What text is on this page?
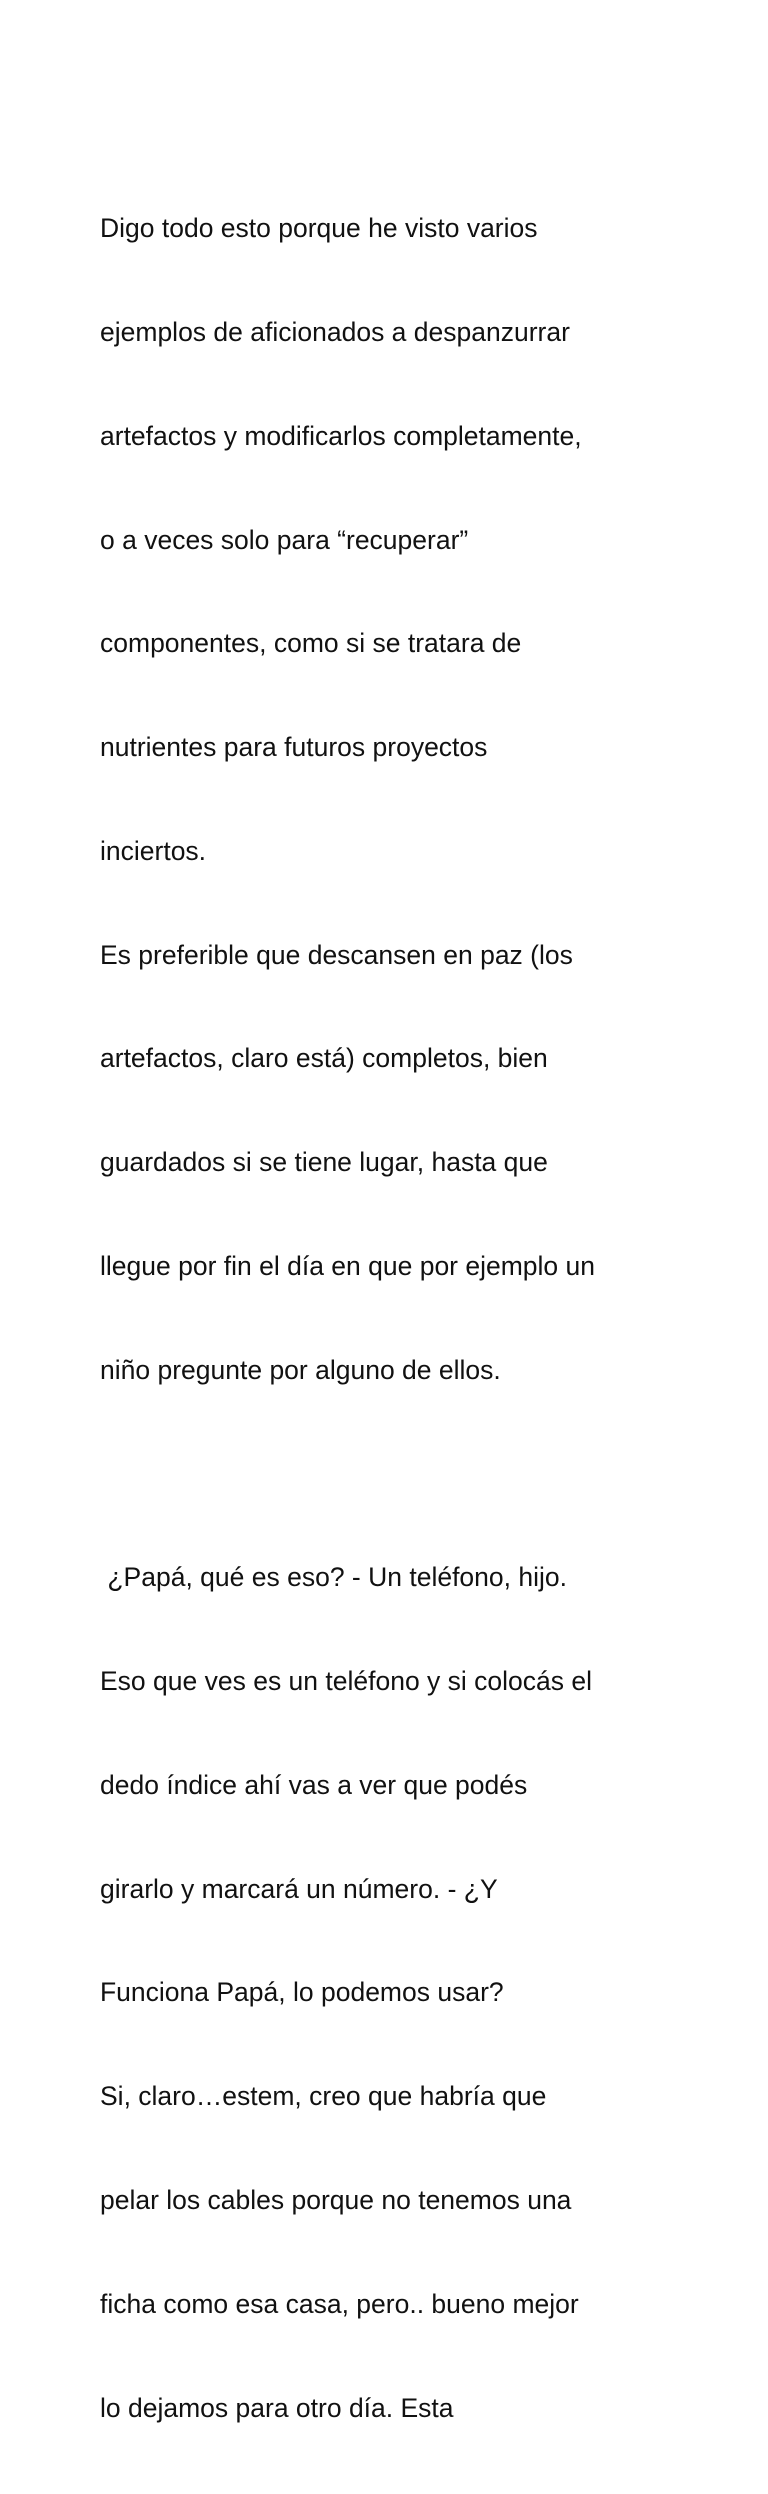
Digo todo esto porque he visto varios

ejemplos de aficionados a despanzurrar

artefactos y modificarlos completamente,

o a veces solo para “recuperar”

componentes, como si se tratara de

nutrientes para futuros proyectos

inciertos.

Es preferible que descansen en paz (los

artefactos, claro está) completos, bien

guardados si se tiene lugar, hasta que

llegue por fin el día en que por ejemplo un

niño pregunte por alguno de ellos.

¿Papá, qué es eso? - Un teléfono, hijo.

Eso que ves es un teléfono y si colocás el

dedo índice ahí vas a ver que podés

girarlo y marcará un número. - ¿Y

Funciona Papá, lo podemos usar?

Si, claro…estem, creo que habría que

pelar los cables porque no tenemos una

ficha como esa casa, pero.. bueno mejor

lo dejamos para otro día. Esta
